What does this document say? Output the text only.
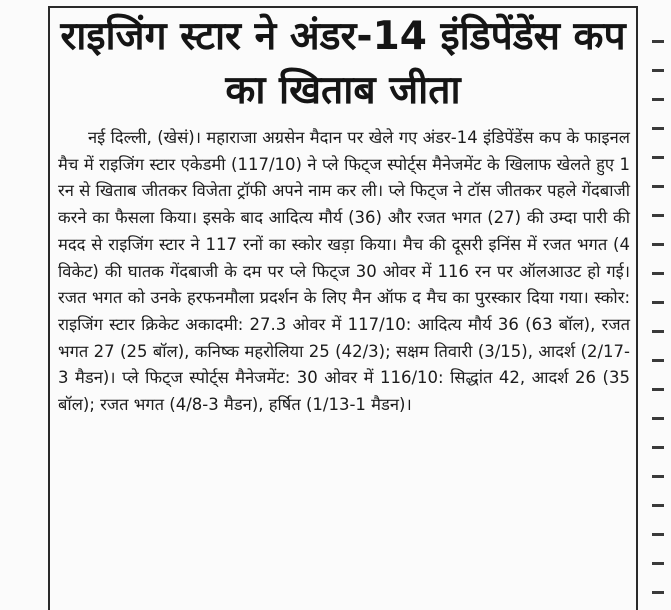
राइजिंग स्टार ने अंडर-14 इंडिपेंडेंस कप का खिताब जीता

नई दिल्ली, (खेसं)। महाराजा अग्रसेन मैदान पर खेले गए अंडर-14 इंडिपेंडेंस कप के फाइनल मैच में राइजिंग स्टार एकेडमी (117/10) ने प्ले फिट्ज स्पोर्ट्स मैनेजमेंट के खिलाफ खेलते हुए 1 रन से खिताब जीतकर विजेता ट्रॉफी अपने नाम कर ली। प्ले फिट्ज ने टॉस जीतकर पहले गेंदबाजी करने का फैसला किया। इसके बाद आदित्य मौर्य (36) और रजत भगत (27) की उम्दा पारी की मदद से राइजिंग स्टार ने 117 रनों का स्कोर खड़ा किया। मैच की दूसरी इनिंस में रजत भगत (4 विकेट) की घातक गेंदबाजी के दम पर प्ले फिट्ज 30 ओवर में 116 रन पर ऑलआउट हो गई। रजत भगत को उनके हरफनमौला प्रदर्शन के लिए मैन ऑफ द मैच का पुरस्कार दिया गया। स्कोर: राइजिंग स्टार क्रिकेट अकादमी: 27.3 ओवर में 117/10: आदित्य मौर्य 36 (63 बॉल), रजत भगत 27 (25 बॉल), कनिष्क महरोलिया 25 (42/3); सक्षम तिवारी (3/15), आदर्श (2/17-3 मैडन)। प्ले फिट्ज स्पोर्ट्स मैनेजमेंट: 30 ओवर में 116/10: सिद्धांत 42, आदर्श 26 (35 बॉल); रजत भगत (4/8-3 मैडन), हर्षित (1/13-1 मैडन)।
